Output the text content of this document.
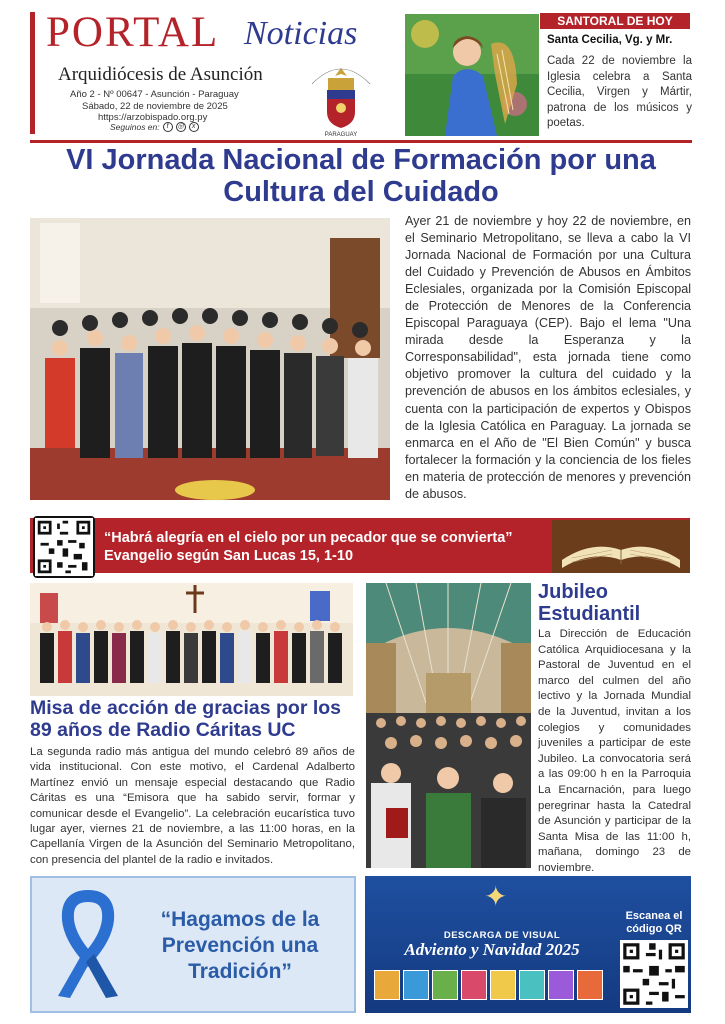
PORTAL Noticias
Arquidiócesis de Asunción
Año 2 - Nº 00647 - Asunción - Paraguay
Sábado, 22 de noviembre de 2025
https://arzobispado.org.py
Seguinos en:	f	◎	x
PARAGUAY
SANTORAL DE HOY
Santa Cecilia, Vg. y Mr.
Cada 22 de noviembre la Iglesia celebra a Santa Cecilia, Virgen y Mártir, patrona de los músicos y poetas.
VI Jornada Nacional de Formación por una Cultura del Cuidado
Ayer 21 de noviembre y hoy 22 de noviembre, en el Seminario Metropolitano, se lleva a cabo la VI Jornada Nacional de Formación por una Cultura del Cuidado y Prevención de Abusos en Ámbitos Eclesiales, organizada por la Comisión Episcopal de Protección de Menores de la Conferencia Episcopal Paraguaya (CEP). Bajo el lema "Una mirada desde la Esperanza y la Corresponsabilidad", esta jornada tiene como objetivo promover la cultura del cuidado y la prevención de abusos en los ámbitos eclesiales, y cuenta con la participación de expertos y Obispos de la Iglesia Católica en Paraguay. La jornada se enmarca en el Año de "El Bien Común" y busca fortalecer la formación y la conciencia de los fieles en materia de protección de menores y prevención de abusos.
“Habrá alegría en el cielo por un pecador que se convierta”
Evangelio según San Lucas 15, 1-10
Misa de acción de gracias por los 89 años de Radio Cáritas UC
La segunda radio más antigua del mundo celebró 89 años de vida institucional. Con este motivo, el Cardenal Adalberto Martínez envió un mensaje especial destacando que Radio Cáritas es una “Emisora que ha sabido servir, formar y comunicar desde el Evangelio”. La celebración eucarística tuvo lugar ayer, viernes 21 de noviembre, a las 11:00 horas, en la Capellanía Virgen de la Asunción del Seminario Metropolitano, con presencia del plantel de la radio e invitados.
Jubileo Estudiantil
La Dirección de Educación Católica Arquidiocesana y la Pastoral de Juventud en el marco del culmen del año lectivo y la Jornada Mundial de la Juventud, invitan a los colegios y comunidades juveniles a participar de este Jubileo. La convocatoria será a las 09:00 h en la Parroquia La Encarnación, para luego peregrinar hasta la Catedral de Asunción y participar de la Santa Misa de las 11:00 h, mañana, domingo 23 de noviembre.
“Hagamos de la Prevención una Tradición”
✦
DESCARGA DE VISUAL
Adviento y Navidad 2025
Escanea el código QR
